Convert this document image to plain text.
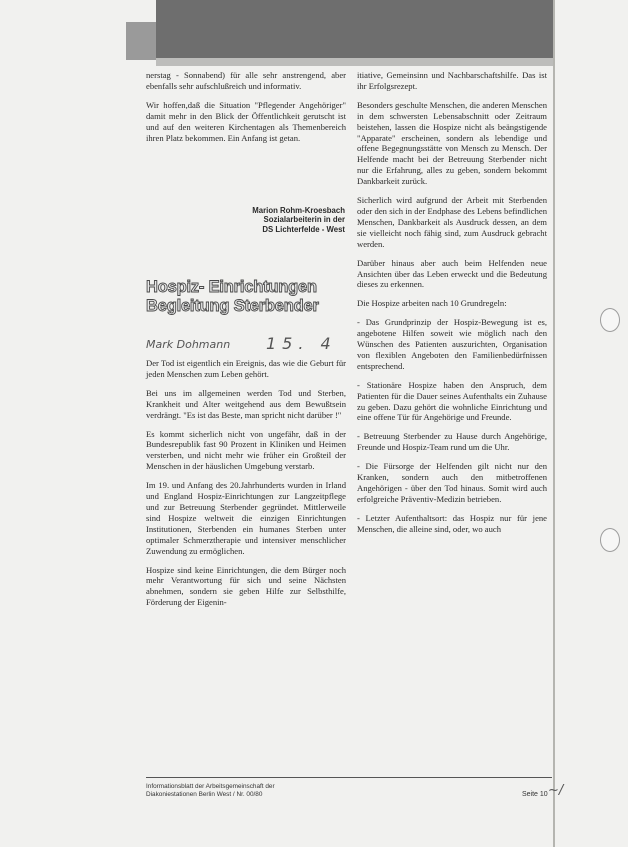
nerstag - Sonnabend) für alle sehr anstrengend, aber ebenfalls sehr aufschlußreich und informativ.

Wir hoffen,daß die Situation "Pflegender Angehöriger" damit mehr in den Blick der Öffentlichkeit gerutscht ist und auf den weiteren Kirchentagen als Themenbereich ihren Platz bekommen. Ein Anfang ist getan.

Marion Rohm-Kroesbach
Sozialarbeiterin in der
DS Lichterfelde - West
Hospiz- Einrichtungen
Begleitung Sterbender
Mark Dohmann 15. 4

Der Tod ist eigentlich ein Ereignis, das wie die Geburt für jeden Menschen zum Leben gehört.

Bei uns im allgemeinen werden Tod und Sterben, Krankheit und Alter weitgehend aus dem Bewußtsein verdrängt. "Es ist das Beste, man spricht nicht darüber !"

Es kommt sicherlich nicht von ungefähr, daß in der Bundesrepublik fast 90 Prozent in Kliniken und Heimen versterben, und nicht mehr wie früher ein Großteil der Menschen in der häuslichen Umgebung verstarb.

Im 19. und Anfang des 20.Jahrhunderts wurden in Irland und England Hospiz-Einrichtungen zur Langzeitpflege und zur Betreuung Sterbender gegründet. Mittlerweile sind Hospize weltweit die einzigen Einrichtungen Institutionen, Sterbenden ein humanes Sterben unter optimaler Schmerztherapie und intensiver menschlicher Zuwendung zu ermöglichen.

Hospize sind keine Einrichtungen, die dem Bürger noch mehr Verantwortung für sich und seine Nächsten abnehmen, sondern sie geben Hilfe zur Selbsthilfe, Förderung der Eigenin-

itiative, Gemeinsinn und Nachbarschaftshilfe. Das ist ihr Erfolgsrezept.

Besonders geschulte Menschen, die anderen Menschen in dem schwersten Lebensabschnitt oder Zeitraum beistehen, lassen die Hospize nicht als beängstigende "Apparate" erscheinen, sondern als lebendige und offene Begegnungsstätte von Mensch zu Mensch. Der Helfende macht bei der Betreuung Sterbender nicht nur die Erfahrung, alles zu geben, sondern bekommt Dankbarkeit zurück.

Sicherlich wird aufgrund der Arbeit mit Sterbenden oder den sich in der Endphase des Lebens befindlichen Menschen, Dankbarkeit als Ausdruck dessen, an dem sie vielleicht noch fähig sind, zum Ausdruck gebracht werden.

Darüber hinaus aber auch beim Helfenden neue Ansichten über das Leben erweckt und die Bedeutung dieses zu erkennen.

Die Hospize arbeiten nach 10 Grundregeln:

- Das Grundprinzip der Hospiz-Bewegung ist es, angebotene Hilfen soweit wie möglich nach den Wünschen des Patienten auszurichten, Organisation von flexiblen Angeboten den Familienbedürfnissen entsprechend.

- Stationäre Hospize haben den Anspruch, dem Patienten für die Dauer seines Aufenthalts ein Zuhause zu geben. Dazu gehört die wohnliche Einrichtung und eine offene Tür für Angehörige und Freunde.

- Betreuung Sterbender zu Hause durch Angehörige, Freunde und Hospiz-Team rund um die Uhr.

- Die Fürsorge der Helfenden gilt nicht nur den Kranken, sondern auch den mitbetroffenen Angehörigen - über den Tod hinaus. Somit wird auch erfolgreiche Präventiv-Medizin betrieben.

- Letzter Aufenthaltsort: das Hospiz nur für jene Menschen, die alleine sind, oder, wo auch

Informationsblatt der Arbeitsgemeinschaft der
Diakoniestationen Berlin West / Nr. 00/80	Seite 10 ~/
